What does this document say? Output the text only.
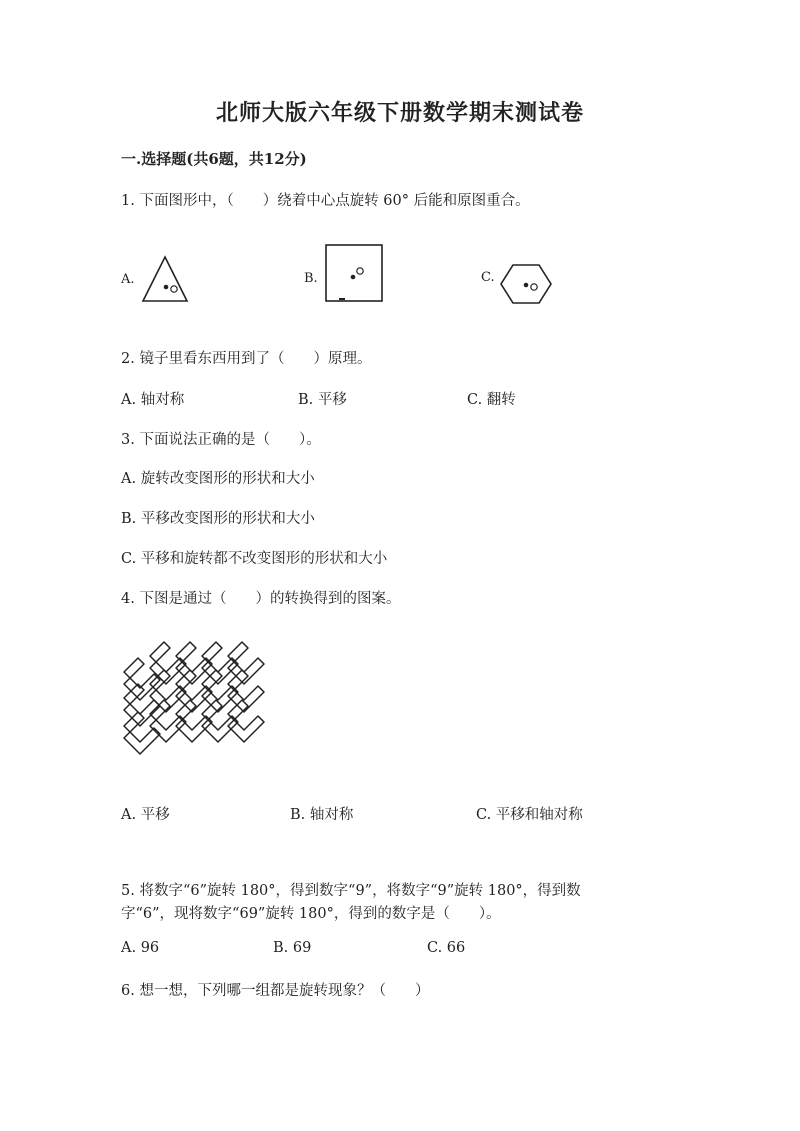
北师大版六年级下册数学期末测试卷
一.选择题(共6题，共12分)
1. 下面图形中，（　　）绕着中心点旋转 60° 后能和原图重合。
A.	B.	C.
2. 镜子里看东西用到了（　　）原理。
A. 轴对称	B. 平移	C. 翻转
3. 下面说法正确的是（　　）。
A. 旋转改变图形的形状和大小
B. 平移改变图形的形状和大小
C. 平移和旋转都不改变图形的形状和大小
4. 下图是通过（　　）的转换得到的图案。
A. 平移	B. 轴对称	C. 平移和轴对称
5. 将数字“6”旋转 180°，得到数字“9”，将数字“9”旋转 180°，得到数
字“6”，现将数字“69”旋转 180°，得到的数字是（　　）。
A. 96	B. 69	C. 66
6. 想一想，下列哪一组都是旋转现象？（　　）
